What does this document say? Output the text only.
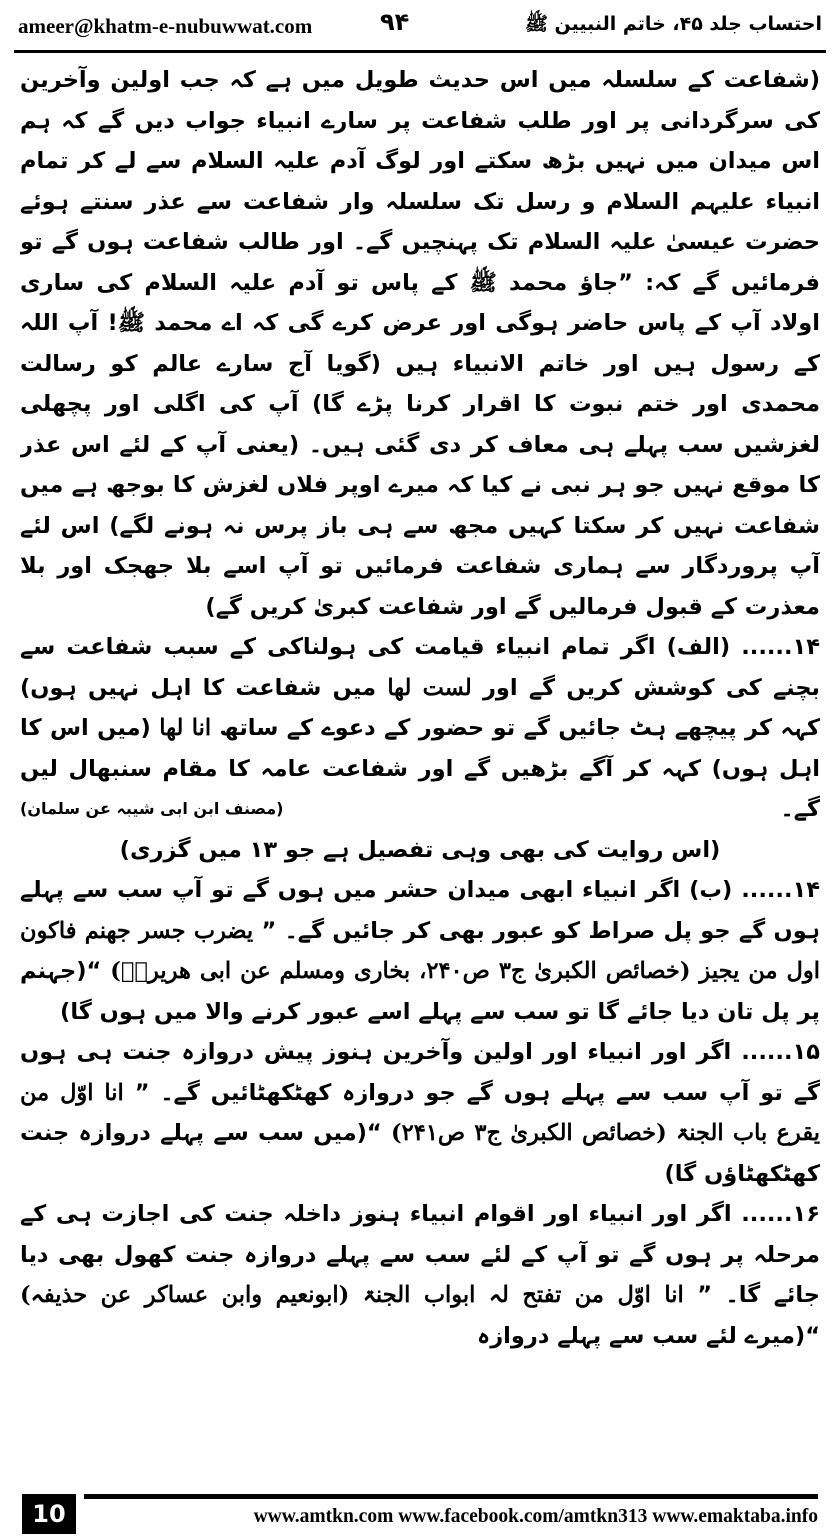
ameer@khatm-e-nubuwwat.com	۹۴	احتساب جلد ۴۵، خاتم النبیین ﷺ

(شفاعت کے سلسلہ میں اس حدیث طویل میں ہے کہ جب اولین وآخرین کی سرگردانی پر اور طلب شفاعت پر سارے انبیاء جواب دیں گے کہ ہم اس میدان میں نہیں بڑھ سکتے اور لوگ آدم علیہ السلام سے لے کر تمام انبیاء علیہم السلام و رسل تک سلسلہ وار شفاعت سے عذر سنتے ہوئے حضرت عیسیٰ علیہ السلام تک پہنچیں گے۔ اور طالب شفاعت ہوں گے تو فرمائیں گے کہ: ”جاؤ محمد ﷺ کے پاس تو آدم علیہ السلام کی ساری اولاد آپ کے پاس حاضر ہوگی اور عرض کرے گی کہ اے محمد ﷺ! آپ اللہ کے رسول ہیں اور خاتم الانبیاء ہیں (گویا آج سارے عالم کو رسالت محمدی اور ختم نبوت کا اقرار کرنا پڑے گا) آپ کی اگلی اور پچھلی لغزشیں سب پہلے ہی معاف کر دی گئی ہیں۔ (یعنی آپ کے لئے اس عذر کا موقع نہیں جو ہر نبی نے کیا کہ میرے اوپر فلاں لغزش کا بوجھ ہے میں شفاعت نہیں کر سکتا کہیں مجھ سے ہی باز پرس نہ ہونے لگے) اس لئے آپ پروردگار سے ہماری شفاعت فرمائیں تو آپ اسے بلا جھجک اور بلا معذرت کے قبول فرمالیں گے اور شفاعت کبریٰ کریں گے)

۱۴...... (الف) اگر تمام انبیاء قیامت کی ہولناکی کے سبب شفاعت سے بچنے کی کوشش کریں گے اور لست لھا میں شفاعت کا اہل نہیں ہوں) کہہ کر پیچھے ہٹ جائیں گے تو حضور کے دعوے کے ساتھ انا لھا (میں اس کا اہل ہوں) کہہ کر آگے بڑھیں گے اور شفاعت عامہ کا مقام سنبھال لیں گے۔
(مصنف ابن ابی شیبہ عن سلمان)

(اس روایت کی بھی وہی تفصیل ہے جو ۱۳ میں گزری)

۱۴...... (ب) اگر انبیاء ابھی میدان حشر میں ہوں گے تو آپ سب سے پہلے ہوں گے جو پل صراط کو عبور بھی کر جائیں گے۔ ” یضرب جسر جھنم فاکون اول من یجیز (خصائص الکبریٰ ج۳ ص۲۴۰، بخاری ومسلم عن ابی ھریرۃؓ) “(جہنم پر پل تان دیا جائے گا تو سب سے پہلے اسے عبور کرنے والا میں ہوں گا)

۱۵...... اگر اور انبیاء اور اولین وآخرین ہنوز پیش دروازہ جنت ہی ہوں گے تو آپ سب سے پہلے ہوں گے جو دروازہ کھٹکھٹائیں گے۔ ” انا اوّل من یقرع باب الجنۃ (خصائص الکبریٰ ج۳ ص۲۴۱) “(میں سب سے پہلے دروازہ جنت کھٹکھٹاؤں گا)

۱۶...... اگر اور انبیاء اور اقوام انبیاء ہنوز داخلہ جنت کی اجازت ہی کے مرحلہ پر ہوں گے تو آپ کے لئے سب سے پہلے دروازہ جنت کھول بھی دیا جائے گا۔ ” انا اوّل من تفتح لہ ابواب الجنۃ (ابونعیم وابن عساکر عن حذیفہ) “(میرے لئے سب سے پہلے دروازہ

10	www.amtkn.com www.facebook.com/amtkn313 www.emaktaba.info
